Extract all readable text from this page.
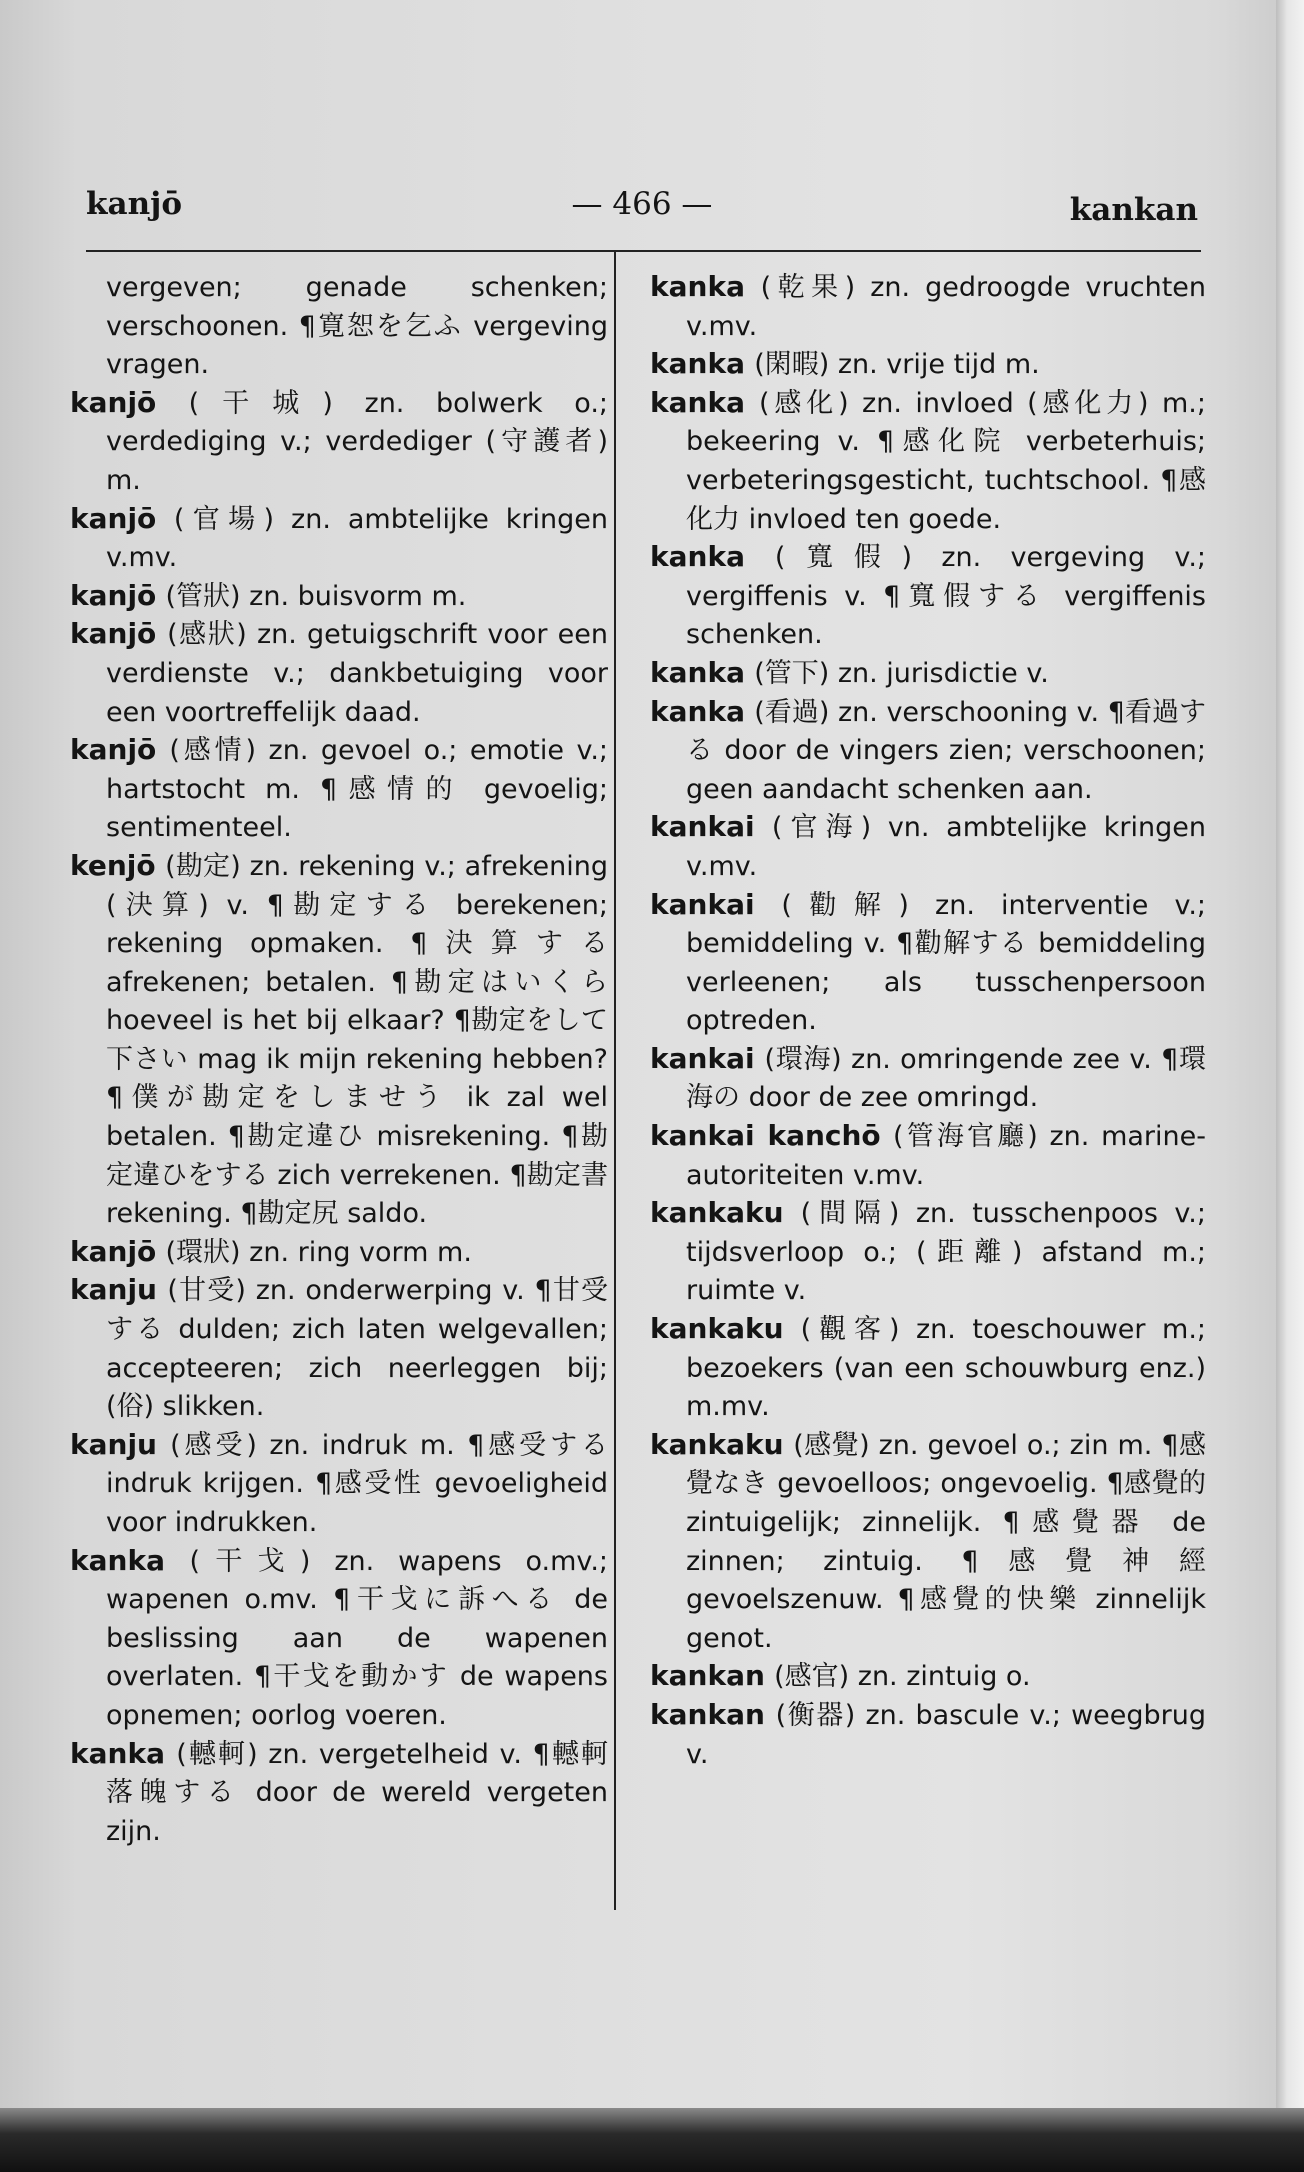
kanjō	— 466 —	kankan

vergeven; genade schenken; verschoonen. ¶寛恕を乞ふ vergeving vragen.

kanjō (干城) zn. bolwerk o.; verdediging v.; verdediger (守護者) m.

kanjō (官場) zn. ambtelijke kringen v.mv.

kanjō (管狀) zn. buisvorm m.

kanjō (感狀) zn. getuigschrift voor een verdienste v.; dankbetuiging voor een voortreffelijk daad.

kanjō (感情) zn. gevoel o.; emotie v.; hartstocht m. ¶感情的 gevoelig; sentimenteel.

kenjō (勘定) zn. rekening v.; afrekening (決算) v. ¶勘定する berekenen; rekening opmaken. ¶決算する afrekenen; betalen. ¶勘定はいくら hoeveel is het bij elkaar? ¶勘定をして下さい mag ik mijn rekening hebben? ¶僕が勘定をしませう ik zal wel betalen. ¶勘定違ひ misrekening. ¶勘定違ひをする zich verrekenen. ¶勘定書 rekening. ¶勘定尻 saldo.

kanjō (環狀) zn. ring vorm m.

kanju (甘受) zn. onderwerping v. ¶甘受する dulden; zich laten welgevallen; accepteeren; zich neerleggen bij; (俗) slikken.

kanju (感受) zn. indruk m. ¶感受する indruk krijgen. ¶感受性 gevoeligheid voor indrukken.

kanka (干戈) zn. wapens o.mv.; wapenen o.mv. ¶干戈に訴へる de beslissing aan de wapenen overlaten. ¶干戈を動かす de wapens opnemen; oorlog voeren.

kanka (轗軻) zn. vergetelheid v. ¶轗軻落魄する door de wereld vergeten zijn.

kanka (乾果) zn. gedroogde vruchten v.mv.

kanka (閑暇) zn. vrije tijd m.

kanka (感化) zn. invloed (感化力) m.; bekeering v. ¶感化院 verbeterhuis; verbeteringsgesticht, tuchtschool. ¶感化力 invloed ten goede.

kanka (寬假) zn. vergeving v.; vergiffenis v. ¶寬假する vergiffenis schenken.

kanka (管下) zn. jurisdictie v.

kanka (看過) zn. verschooning v. ¶看過する door de vingers zien; verschoonen; geen aandacht schenken aan.

kankai (官海) vn. ambtelijke kringen v.mv.

kankai (勸解) zn. interventie v.; bemiddeling v. ¶勸解する bemiddeling verleenen; als tusschenpersoon optreden.

kankai (環海) zn. omringende zee v. ¶環海の door de zee omringd.

kankai kanchō (管海官廳) zn. marine-autoriteiten v.mv.

kankaku (間隔) zn. tusschenpoos v.; tijdsverloop o.; (距離) afstand m.; ruimte v.

kankaku (觀客) zn. toeschouwer m.; bezoekers (van een schouwburg enz.) m.mv.

kankaku (感覺) zn. gevoel o.; zin m. ¶感覺なき gevoelloos; ongevoelig. ¶感覺的 zintuigelijk; zinnelijk. ¶感覺器 de zinnen; zintuig. ¶感覺神經 gevoelszenuw. ¶感覺的快樂 zinnelijk genot.

kankan (感官) zn. zintuig o.

kankan (衡器) zn. bascule v.; weegbrug v.
